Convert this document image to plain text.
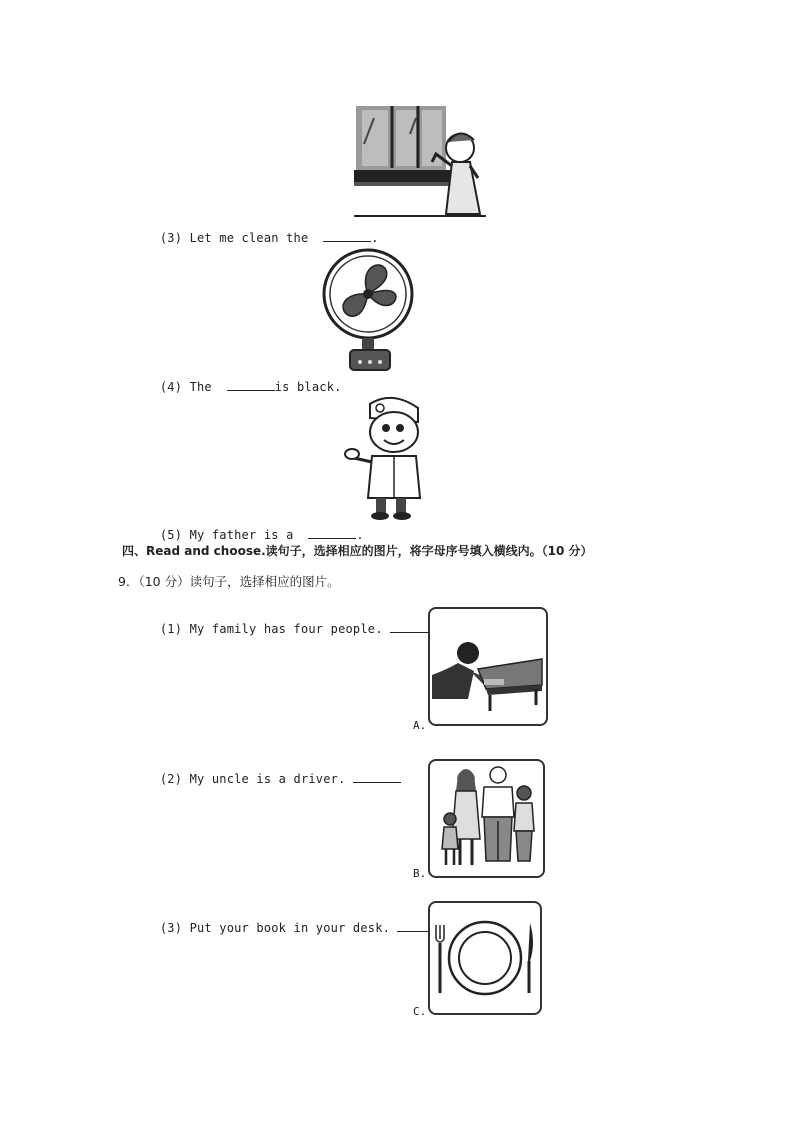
(3) Let me clean the	.

(4) The	is black.

(5) My father is a	.

四、Read and choose.读句子，选择相应的图片，将字母序号填入横线内。（10 分）
9．（10 分）读句子，选择相应的图片。

(1) My family has four people.

A.

(2) My uncle is a driver.

B.

(3) Put your book in your desk.

C.
